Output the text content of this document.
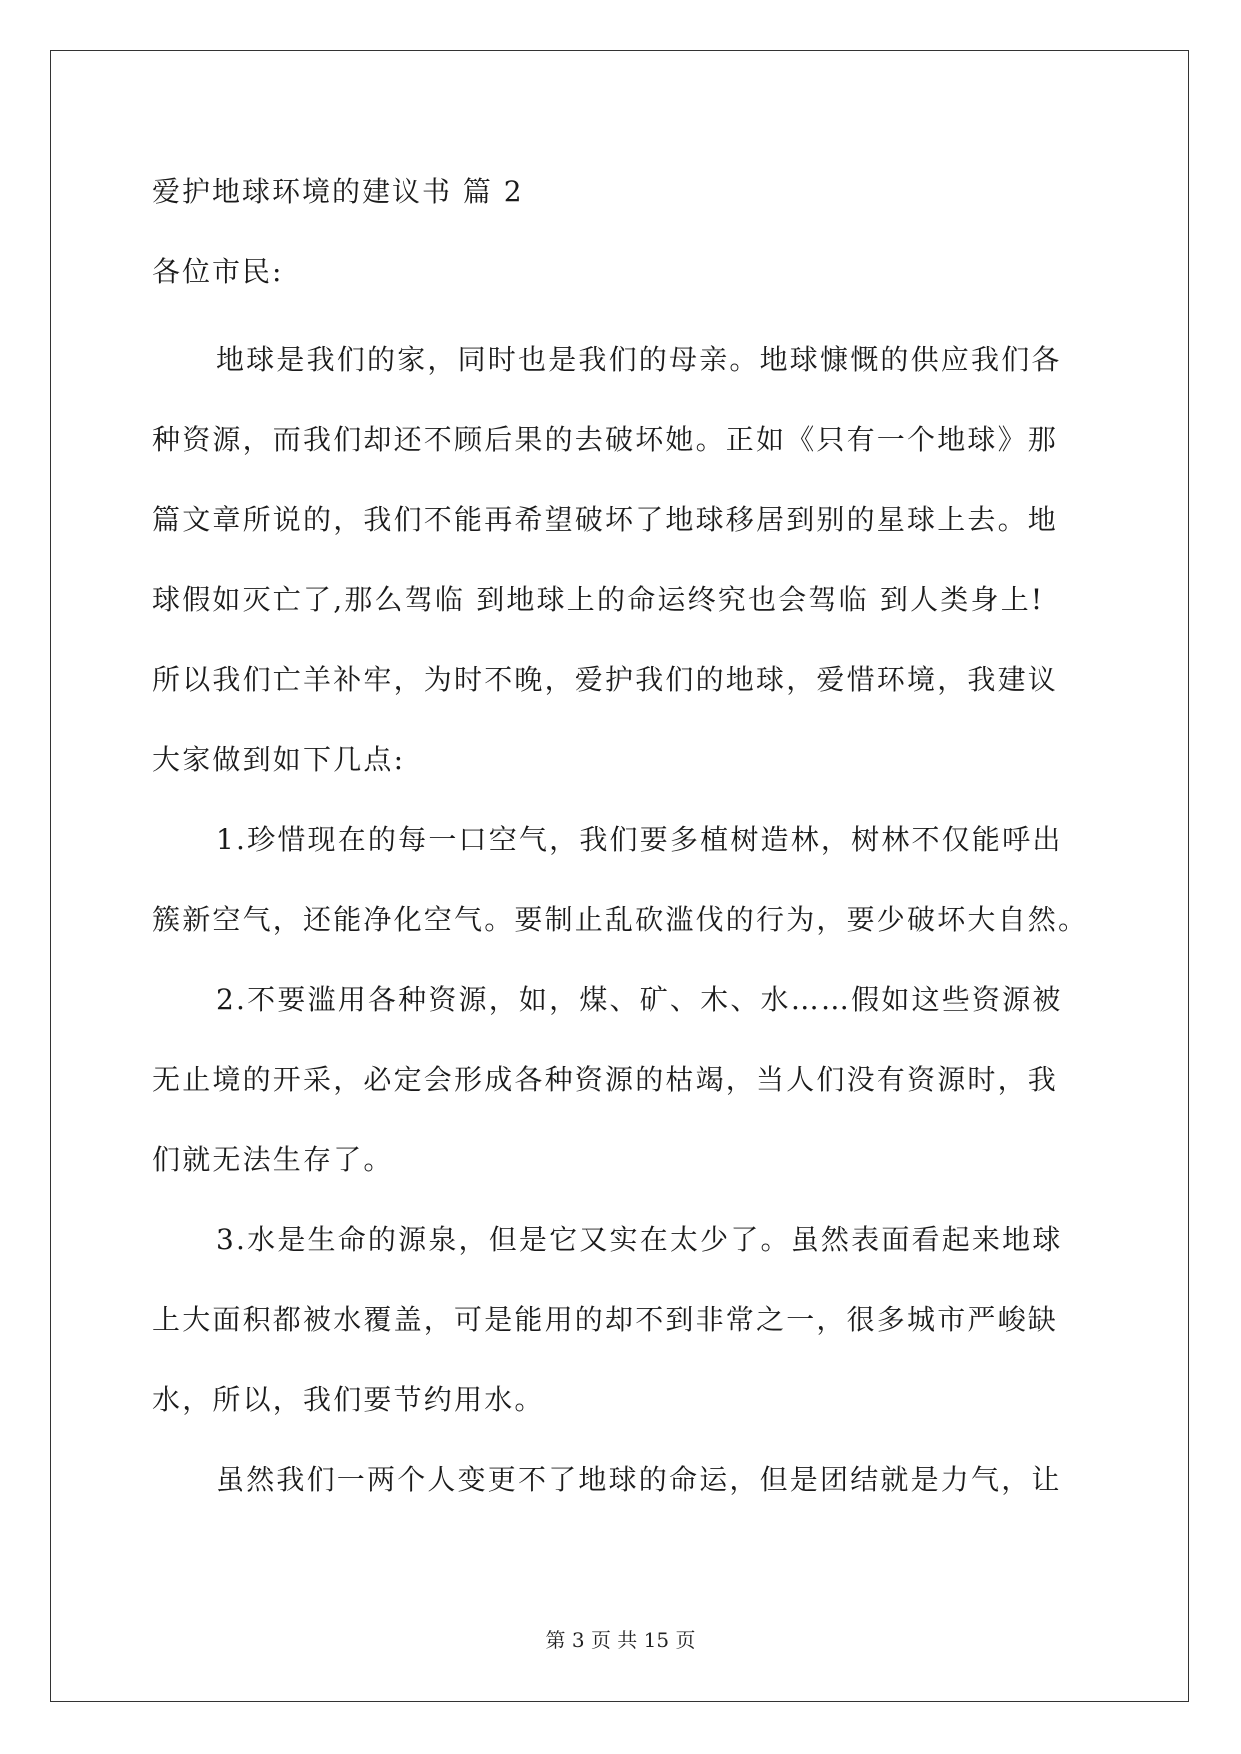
爱护地球环境的建议书 篇 2
各位市民:
地球是我们的家，同时也是我们的母亲。地球慷慨的供应我们各
种资源，而我们却还不顾后果的去破坏她。正如《只有一个地球》那
篇文章所说的，我们不能再希望破坏了地球移居到别的星球上去。地
球假如灭亡了,那么驾临 到地球上的命运终究也会驾临 到人类身上!
所以我们亡羊补牢，为时不晚，爱护我们的地球，爱惜环境，我建议
大家做到如下几点:
1.珍惜现在的每一口空气，我们要多植树造林，树林不仅能呼出
簇新空气，还能净化空气。要制止乱砍滥伐的行为，要少破坏大自然。
2.不要滥用各种资源，如，煤、矿、木、水……假如这些资源被
无止境的开采，必定会形成各种资源的枯竭，当人们没有资源时，我
们就无法生存了。
3.水是生命的源泉，但是它又实在太少了。虽然表面看起来地球
上大面积都被水覆盖，可是能用的却不到非常之一，很多城市严峻缺
水，所以，我们要节约用水。
虽然我们一两个人变更不了地球的命运，但是团结就是力气，让
第 3 页 共 15 页
